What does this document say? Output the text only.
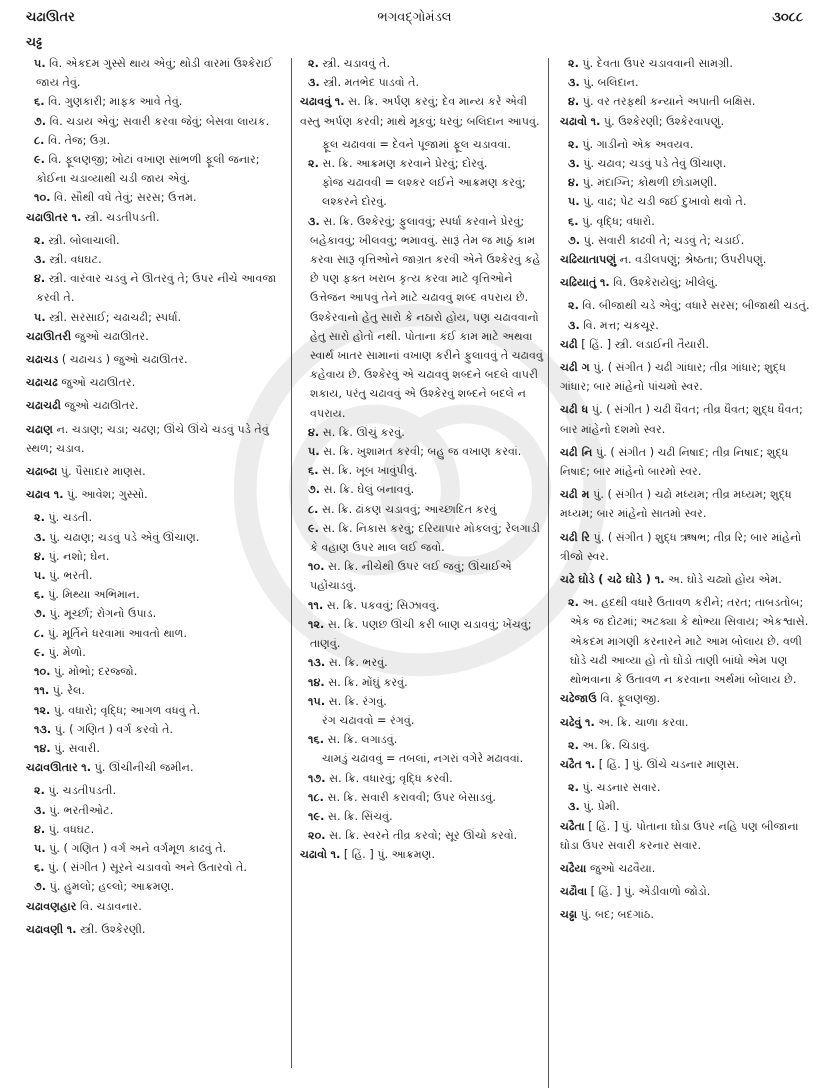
ચઢાઊતર	ભગવદ્ગોમંડલ	૩૦૮૮
ચઢ્ઢ
૫. વિ. એકદમ ગુસ્સે થાય એવું; થોડી વારમાં ઉશ્કેરાઈ જાય તેવું.
૬. વિ. ગુણકારી; માફક આવે તેવું.
૭. વિ. ચડાય એવું; સવારી કરવા જેવું; બેસવા લાયક.
૮. વિ. તેજ; ઉગ્ર.
૯. વિ. ફૂલણજી; ખોટાં વખાણ સાંભળી ફૂલી જનાર; કોઈના ચડાવ્યાથી ચડી જાય એવું.
૧૦. વિ. સૌથી વધે તેવું; સરસ; ઉત્તમ.
ચઢાઊતર ૧. સ્ત્રી. ચડતીપડતી.
૨. સ્ત્રી. બોલાચાલી.
૩. સ્ત્રી. વધઘટ.
૪. સ્ત્રી. વારંવાર ચડવું ને ઊતરવું તે; ઉપર નીચે આવજા કરવી તે.
૫. સ્ત્રી. સરસાઈ; ચઢાચઢી; સ્પર્ધા.
ચઢાઊતરી જુઓ ચઢાઊતર.
ચઢાચડ ( ચઢાચડ ) જુઓ ચઢાઊતર.
ચઢાચઢ જુઓ ચઢાઊતર.
ચઢાચઢી જુઓ ચઢાઊતર.
ચઢાણ ન. ચડાણ; ચડા; ચઢણ; ઊંચે ઊંચે ચડવું પડે તેવું સ્થળ; ચડાવ.
ચઢાબ્ઢા પું. પૈસાદાર માણસ.
ચઢાવ ૧. પું. આવેશ; ગુસ્સો.
૨. પું. ચડતી.
૩. પું. ચઢાણ; ચડવું પડે એવું ઊંચાણ.
૪. પું. નશો; ઘેન.
૫. પું. ભરતી.
૬. પું. મિથ્યા અભિમાન.
૭. પું. મૂર્ચ્છા; રોગનો ઉપાડ.
૮. પું. મૂર્તિને ધરવામાં આવતો થાળ.
૯. પું. મેળો.
૧૦. પું. મોભો; દરજ્જો.
૧૧. પું. રેલ.
૧૨. પું. વધારો; વૃદ્ધિ; આગળ વધવું તે.
૧૩. પું. ( ગણિત ) વર્ગ કરવો તે.
૧૪. પું. સવારી.
ચઢાવઊતાર ૧. પું. ઊંચીનીચી જમીન.
૨. પું. ચડતીપડતી.
૩. પું. ભરતીઓટ.
૪. પું. વધઘટ.
૫. પું. ( ગણિત ) વર્ગ અને વર્ગમૂળ કાઢવું તે.
૬. પું. ( સંગીત ) સૂરને ચડાવવો અને ઉતારવો તે.
૭. પું. હુમલો; હલ્લો; આક્રમણ.
ચઢાવણહાર વિ. ચડાવનાર.
ચઢાવણી ૧. સ્ત્રી. ઉશ્કેરણી.
૨. સ્ત્રી. ચડાવવું તે.
૩. સ્ત્રી. મતભેદ પાડવો તે.
ચઢાવવું ૧. સ. ક્રિ. અર્પણ કરવું; દેવ માન્ય કરે એવી વસ્તુ અર્પણ કરવી; માથે મૂકવું; ધરવું; બલિદાન આપવું.
ફૂલ ચઢાવવાં = દેવને પૂજામાં ફૂલ ચડાવવાં.
૨. સ. ક્રિ. આક્રમણ કરવાને પ્રેરવું; દોરવું.
ફોજ ચઢાવવી = લશ્કર લઈને આક્રમણ કરવું; લશ્કરને દોરવું.
૩. સ. ક્રિ. ઉશ્કેરવું; ફુલાવવું; સ્પર્ધા કરવાને પ્રેરવું; બહેકાવવું; ખીલવવું; ભમાવવું. સારૂં તેમ જ માઠું કામ કરવા સારૂ વૃત્તિઓને જાગ્રત કરવી એને ઉશ્કેરવું કહે છે પણ ફક્ત ખરાબ કૃત્ય કરવા માટે વૃત્તિઓને ઉત્તેજન આપવું તેને માટે ચઢાવવું શબ્દ વપરાય છે. ઉશ્કેરવાનો હેતુ સારો કે નઠારો હોય, પણ ચઢાવવાનો હેતુ સારો હોતો નથી. પોતાના કંઈ કામ માટે અથવા સ્વાર્થ ખાતર સામાનાં વખાણ કરીને ફુલાવવું તે ચઢાવવું કહેવાય છે. ઉશ્કેરવું એ ચઢાવવું શબ્દને બદલે વાપરી શકાય, પરંતુ ચઢાવવું એ ઉશ્કેરવું શબ્દને બદલે ન વપરાય.
૪. સ. ક્રિ. ઊંચું કરવું.
૫. સ. ક્રિ. ખુશામત કરવી; બહુ જ વખાણ કરવાં.
૬. સ. ક્રિ. ખૂબ ખાવુંપીવું.
૭. સ. ક્રિ. ઘેલું બનાવવું.
૮. સ. ક્રિ. ઢાંકણ ચડાવવું; આચ્છાદિત કરવું
૯. સ. ક્રિ. નિકાસ કરવું; દરિયાપાર મોકલવું; રેલગાડી કે વહાણ ઉપર માલ લઈ જવો.
૧૦. સ. ક્રિ. નીચેથી ઉપર લઈ જવું; ઊંચાઈએ પહોંચાડવું.
૧૧. સ. ક્રિ. પકવવું; સિઝાવવું.
૧૨. સ. ક્રિ. પણછ ઊંચી કરી બાણ ચડાવવું; ખેંચવું; તાણવું.
૧૩. સ. ક્રિ. ભરવું.
૧૪. સ. ક્રિ. મોંઘું કરવું.
૧૫. સ. ક્રિ. રંગવું.
રંગ ચઢાવવો = રંગવું.
૧૬. સ. ક્રિ. લગાડવું.
ચામડું ચઢાવવું = તબલાં, નગરાં વગેરે મઢાવવાં.
૧૭. સ. ક્રિ. વધારવું; વૃદ્ધિ કરવી.
૧૮. સ. ક્રિ. સવારી કરાવવી; ઉપર બેસાડવું.
૧૯. સ. ક્રિ. સિંચવું.
૨૦. સ. ક્રિ. સ્વરને તીવ્ર કરવો; સૂર ઊંચો કરવો.
ચઢાવો ૧. [ હિં. ] પું. આક્રમણ.
૨. પું. દેવતા ઉપર ચડાવવાની સામગ્રી.
૩. પું. બલિદાન.
૪. પું. વર તરફથી કન્યાને અપાતી બક્ષિસ.
ચઢાવો ૧. પું. ઉશ્કેરણી; ઉશ્કેરવાપણું.
૨. પું. ગાડીનો એક અવયવ.
૩. પું. ચઢાવ; ચડવું પડે તેવું ઊંચાણ.
૪. પું. મંદાગ્નિ; કોથળી છોડામણી.
૫. પું. વાઢ; પેટ ચડી જઈ દુખાવો થવો તે.
૬. પું. વૃદ્ધિ; વધારો.
૭. પું. સવારી કાઢવી તે; ચડવું તે; ચડાઈ.
ચઢિયાતાપણું ન. વડીલપણું; શ્રેષ્ઠતા; ઉપરીપણું.
ચઢિયાતું ૧. વિ. ઉશ્કેરાયેલું; ખીલેલું.
૨. વિ. બીજાથી ચડે એવું; વધારે સરસ; બીજાથી ચડતું.
૩. વિ. મત્ત; ચકચૂર.
ચઢી [ હિં. ] સ્ત્રી. લડાઈની તૈયારી.
ચઢી ગ પું. ( સંગીત ) ચઢી ગાંધાર; તીવ્ર ગાંધાર; શુદ્ધ ગાંધાર; બાર માંહેનો પાંચમો સ્વર.
ચઢી ધ પું. ( સંગીત ) ચઢી ધૈવત; તીવ્ર ધૈવત; શુદ્ધ ધૈવત; બાર માંહેનો દશમો સ્વર.
ચઢી નિ પું. ( સંગીત ) ચઢી નિષાદ; તીવ્ર નિષાદ; શુદ્ધ નિષાદ; બાર માંહેનો બારમો સ્વર.
ચઢી મ પું. ( સંગીત ) ચઢો મધ્યમ; તીવ્ર મધ્યમ; શુદ્ધ મધ્યમ; બાર માંહેનો સાતમો સ્વર.
ચઢી રિ પું. ( સંગીત ) શુદ્ધ ઋષભ; તીવ્ર રિ; બાર માંહેનો ત્રીજો સ્વર.
ચઢે ઘોડે ( ચઢે ઘોડે ) ૧. અ. ઘોડે ચઢ્યો હોય એમ.
૨. અ. હદથી વધારે ઉતાવળ કરીને; તરત; તાબડતોબ; એક જ દોટમાં; અટક્યા કે થોભ્યા સિવાય; એકશ્વાસે. એકદમ માગણી કરનારને માટે આમ બોલાય છે. વળી ઘોડે ચઢી આવ્યા હો તો ઘોડો તાણી બાંધો એમ પણ થોભવાના કે ઉતાવળ ન કરવાના અર્થમાં બોલાય છે.
ચઢેજાઉ વિ. ફૂલણજી.
ચઢેવું ૧. અ. ક્રિ. ચાળા કરવા.
૨. અ. ક્રિ. ચિડાવું.
ચઢૈત ૧. [ હિં. ] પું. ઊંચે ચડનાર માણસ.
૨. પું. ચડનાર સવાર.
૩. પું. પ્રેમી.
ચઢૈતા [ હિં. ] પું. પોતાના ઘોડા ઉપર નહિ પણ બીજાના ઘોડા ઉપર સવારી કરનાર સવાર.
ચઢૈયા જુઓ ચઢવૈયા.
ચઢૌવા [ હિં. ] પું. એડીવાળો જોડો.
ચઢ્ઢા પું. બદ; બદગાંઠ.
